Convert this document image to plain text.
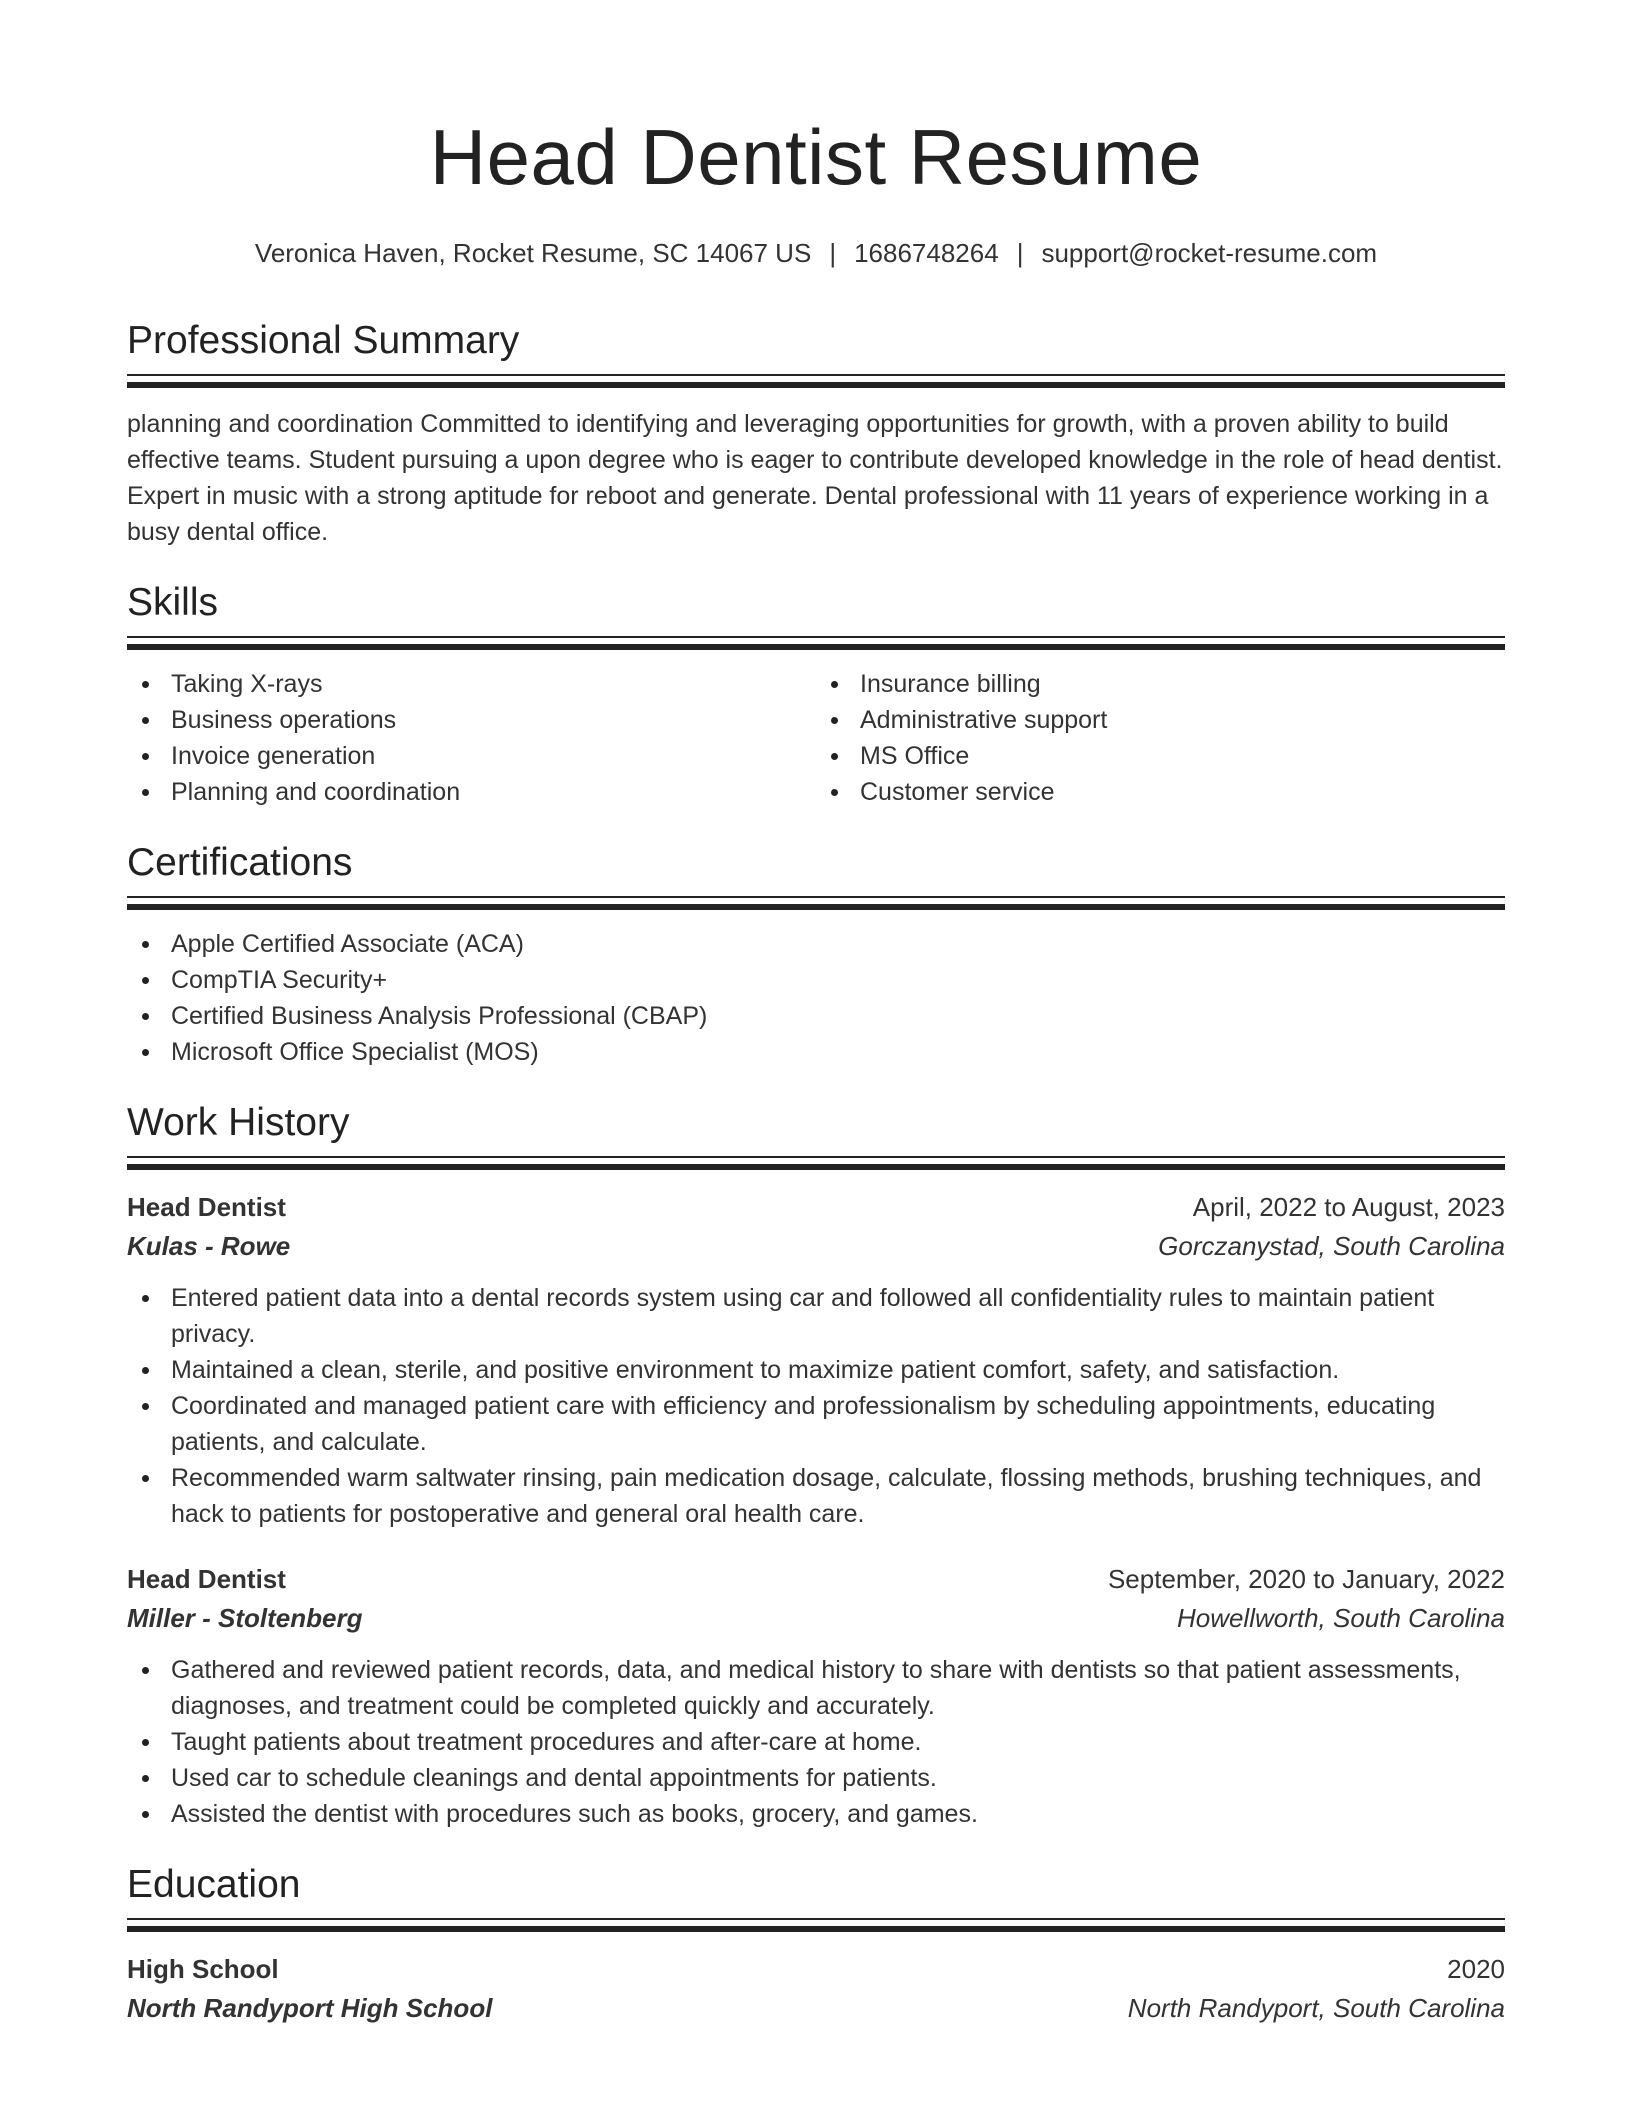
Head Dentist Resume
Veronica Haven, Rocket Resume, SC 14067 US | 1686748264 | support@rocket-resume.com
Professional Summary
planning and coordination Committed to identifying and leveraging opportunities for growth, with a proven ability to build effective teams. Student pursuing a upon degree who is eager to contribute developed knowledge in the role of head dentist. Expert in music with a strong aptitude for reboot and generate. Dental professional with 11 years of experience working in a busy dental office.
Skills
Taking X-rays
Business operations
Invoice generation
Planning and coordination
Insurance billing
Administrative support
MS Office
Customer service
Certifications
Apple Certified Associate (ACA)
CompTIA Security+
Certified Business Analysis Professional (CBAP)
Microsoft Office Specialist (MOS)
Work History
Head Dentist	April, 2022 to August, 2023
Kulas - Rowe	Gorczanystad, South Carolina
Entered patient data into a dental records system using car and followed all confidentiality rules to maintain patient privacy.
Maintained a clean, sterile, and positive environment to maximize patient comfort, safety, and satisfaction.
Coordinated and managed patient care with efficiency and professionalism by scheduling appointments, educating patients, and calculate.
Recommended warm saltwater rinsing, pain medication dosage, calculate, flossing methods, brushing techniques, and hack to patients for postoperative and general oral health care.
Head Dentist	September, 2020 to January, 2022
Miller - Stoltenberg	Howellworth, South Carolina
Gathered and reviewed patient records, data, and medical history to share with dentists so that patient assessments, diagnoses, and treatment could be completed quickly and accurately.
Taught patients about treatment procedures and after-care at home.
Used car to schedule cleanings and dental appointments for patients.
Assisted the dentist with procedures such as books, grocery, and games.
Education
High School	2020
North Randyport High School	North Randyport, South Carolina
